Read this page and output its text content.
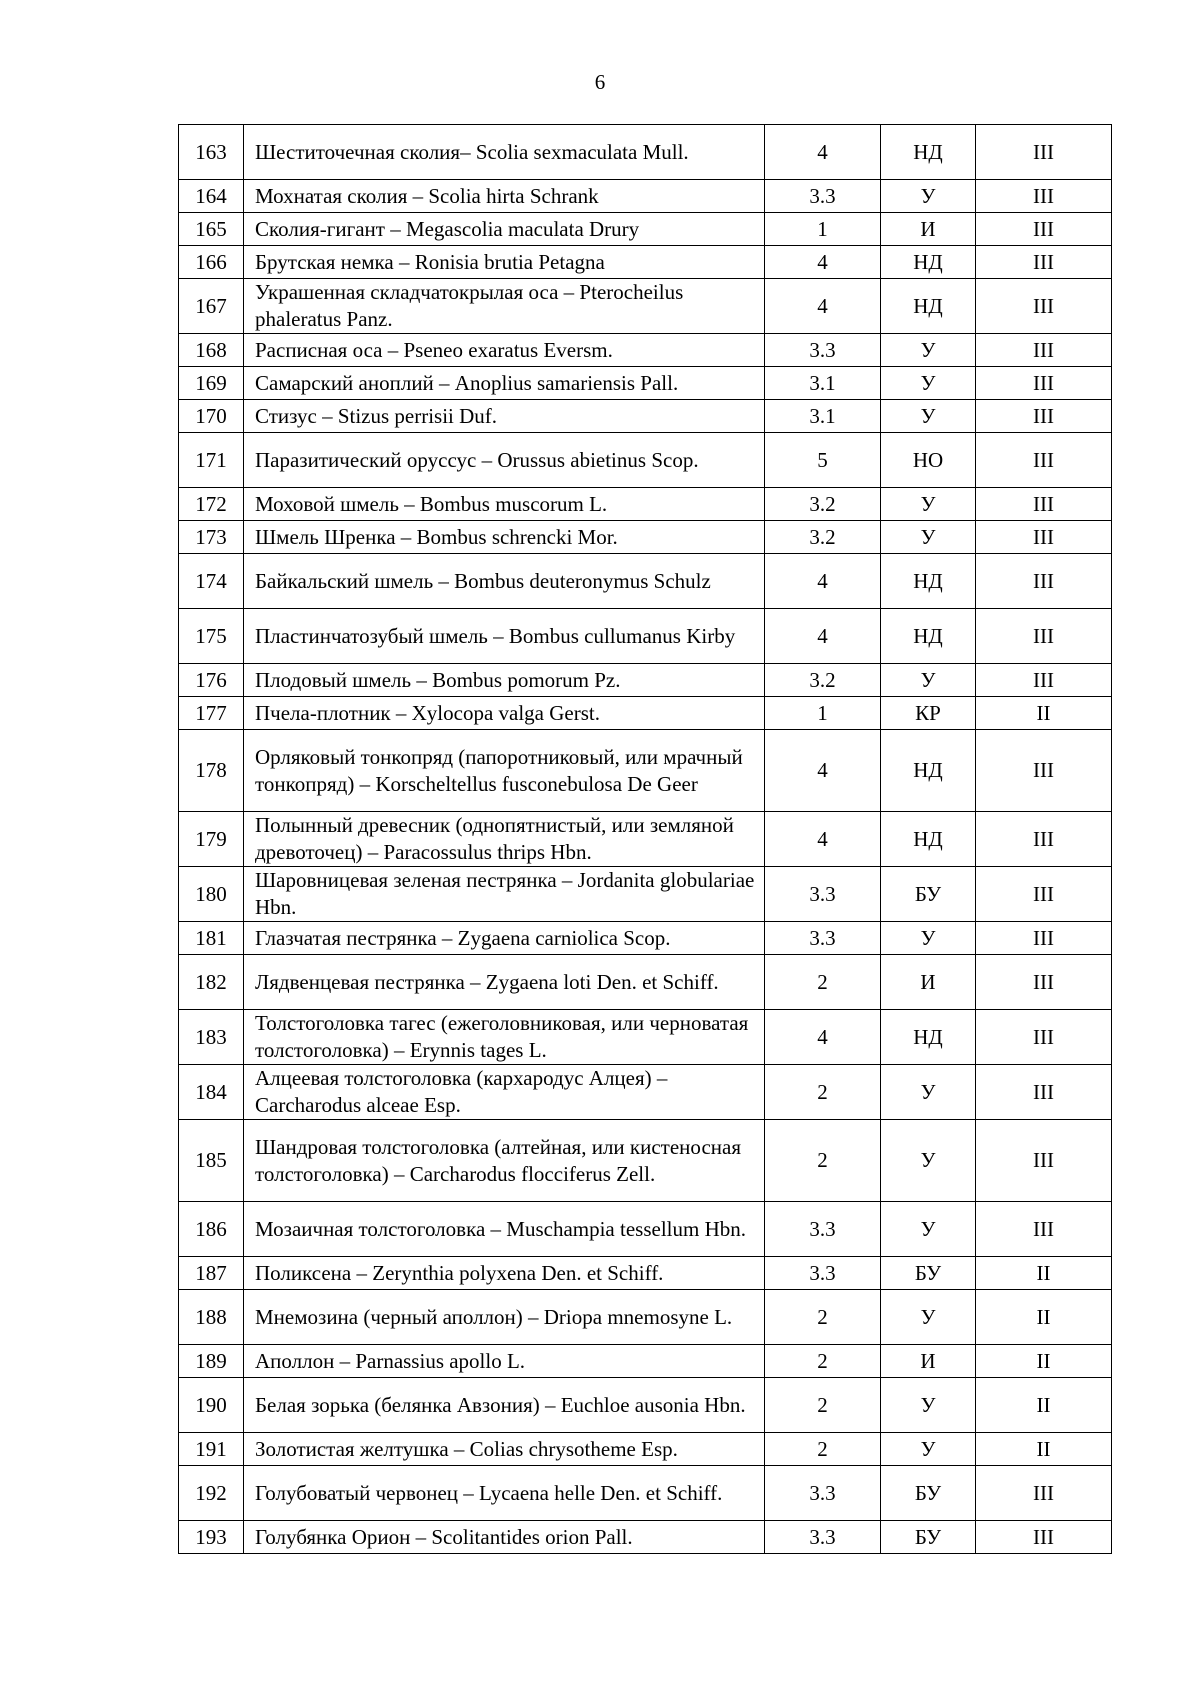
6
163	Шеститочечная сколия– Scolia sexmaculata Mull.	4	НД	III
164	Мохнатая сколия – Scolia hirta Schrank	3.3	У	III
165	Сколия-гигант – Megascolia maculata Drury	1	И	III
166	Брутская немка – Ronisia brutia Petagna	4	НД	III
167	Украшенная складчатокрылая оса – Pterocheilus phaleratus Panz.	4	НД	III
168	Расписная оса – Pseneo exaratus Eversm.	3.3	У	III
169	Самарский аноплий – Anoplius samariensis Pall.	3.1	У	III
170	Стизус – Stizus perrisii Duf.	3.1	У	III
171	Паразитический оруссус – Orussus abietinus Scop.	5	НО	III
172	Моховой шмель – Bombus muscorum L.	3.2	У	III
173	Шмель Шренка – Bombus schrencki Mor.	3.2	У	III
174	Байкальский шмель – Bombus deuteronymus Schulz	4	НД	III
175	Пластинчатозубый шмель – Bombus cullumanus Kirby	4	НД	III
176	Плодовый шмель – Bombus pomorum Pz.	3.2	У	III
177	Пчела-плотник – Xylocopa valga Gerst.	1	КР	II
178	Орляковый тонкопряд (папоротниковый, или мрачный тонкопряд) – Korscheltellus fusconebulosa De Geer	4	НД	III
179	Полынный древесник (однопятнистый, или земляной древоточец) – Paracossulus thrips Hbn.	4	НД	III
180	Шаровницевая зеленая пестрянка – Jordanita globulariae Hbn.	3.3	БУ	III
181	Глазчатая пестрянка – Zygaena carniolica Scop.	3.3	У	III
182	Лядвенцевая пестрянка – Zygaena loti Den. et Schiff.	2	И	III
183	Толстоголовка тагес (ежеголовниковая, или черноватая толстоголовка) – Erynnis tages L.	4	НД	III
184	Алцеевая толстоголовка (кархародус Алцея) – Carcharodus alceae Esp.	2	У	III
185	Шандровая толстоголовка (алтейная, или кистеносная толстоголовка) – Carcharodus flocciferus Zell.	2	У	III
186	Мозаичная толстоголовка – Muschampia tessellum Hbn.	3.3	У	III
187	Поликсена – Zerynthia polyxena Den. et Schiff.	3.3	БУ	II
188	Мнемозина (черный аполлон) – Driopa mnemosyne L.	2	У	II
189	Аполлон – Parnassius apollo L.	2	И	II
190	Белая зорька (белянка Авзония) – Euchloe ausonia Hbn.	2	У	II
191	Золотистая желтушка – Colias chrysotheme Esp.	2	У	II
192	Голубоватый червонец – Lycaena helle Den. et Schiff.	3.3	БУ	III
193	Голубянка Орион – Scolitantides orion Pall.	3.3	БУ	III
